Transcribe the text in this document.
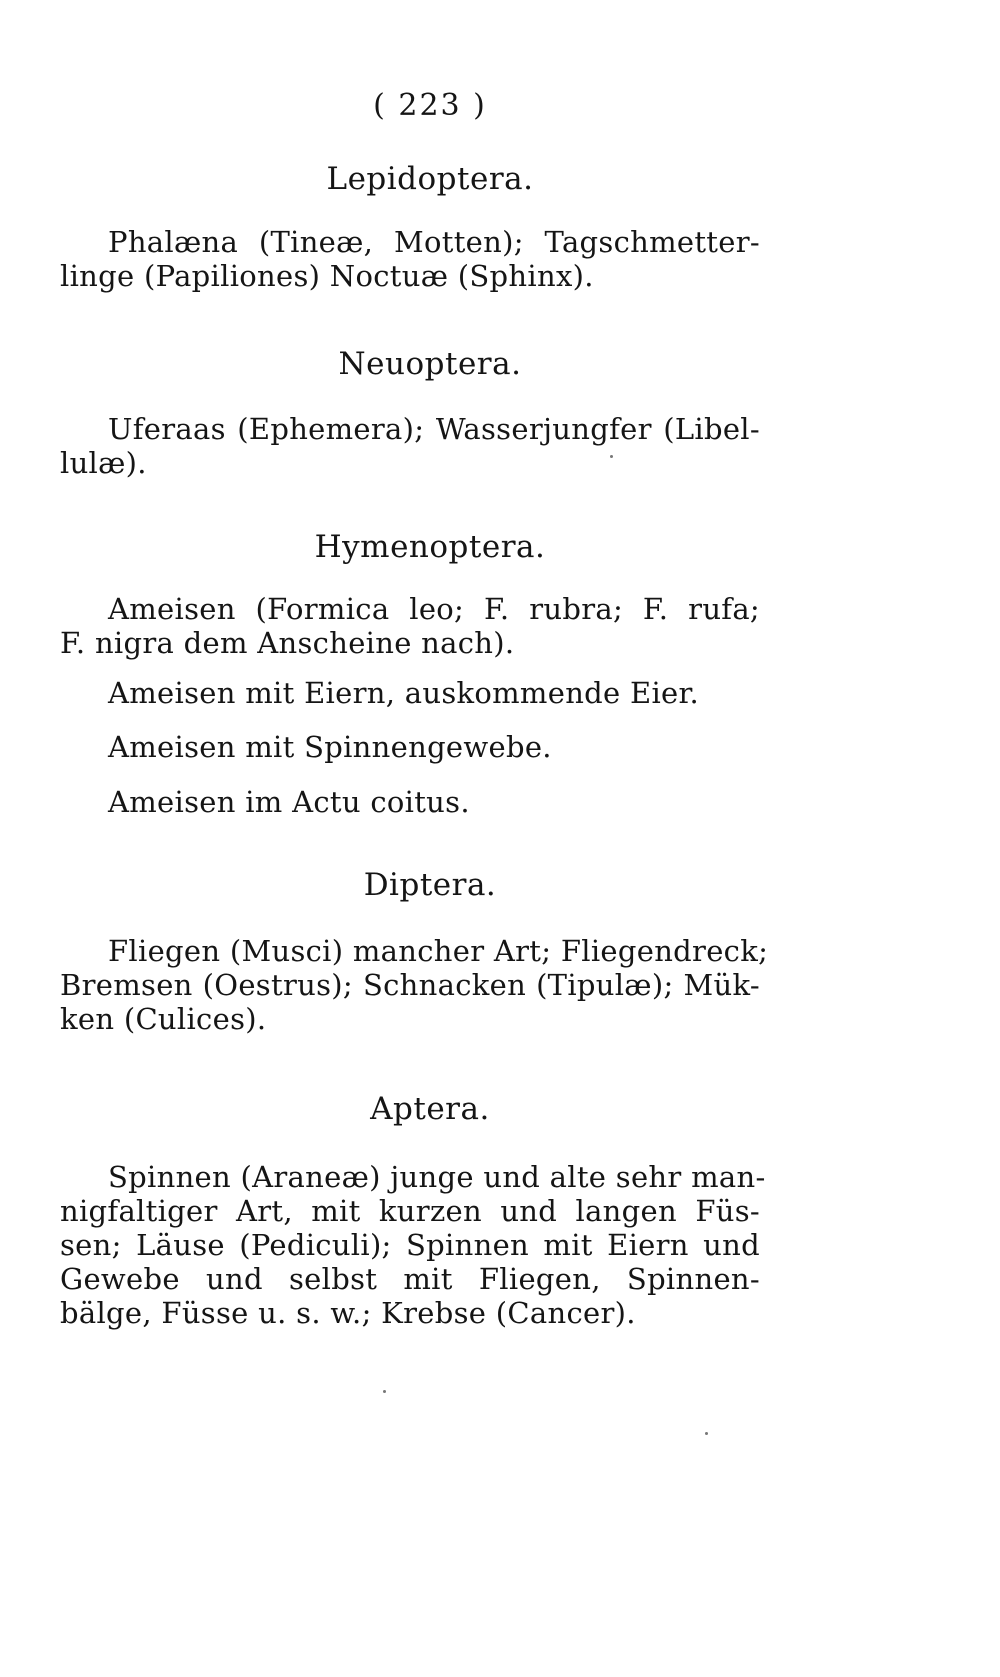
( 223 )
Lepidoptera.
Phalæna (Tineæ, Motten); Tagschmetter-
linge (Papiliones) Noctuæ (Sphinx).
Neuoptera.
Uferaas (Ephemera); Wasserjungfer (Libel-
lulæ).
Hymenoptera.
Ameisen (Formica leo; F. rubra; F. rufa;
F. nigra dem Anscheine nach).
Ameisen mit Eiern, auskommende Eier.
Ameisen mit Spinnengewebe.
Ameisen im Actu coitus.
Diptera.
Fliegen (Musci) mancher Art; Fliegendreck;
Bremsen (Oestrus); Schnacken (Tipulæ); Mük-
ken (Culices).
Aptera.
Spinnen (Araneæ) junge und alte sehr man-
nigfaltiger Art, mit kurzen und langen Füs-
sen; Läuse (Pediculi); Spinnen mit Eiern und
Gewebe und selbst mit Fliegen, Spinnen-
bälge, Füsse u. s. w.; Krebse (Cancer).
